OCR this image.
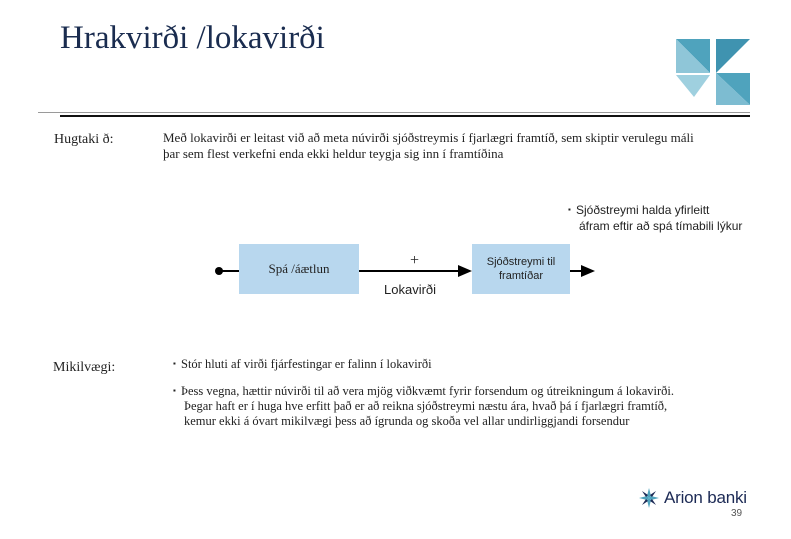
Hrakvirði /lokavirði
Hugtaki ð:	Með lokavirði er leitast við að meta núvirði sjóðstreymis í fjarlægri framtíð, sem skiptir verulegu máli þar sem flest verkefni enda ekki heldur teygja sig inn í framtíðina
▪ Sjóðstreymi halda yfirleitt
áfram eftir að spá tímabili lýkur
Spá /áætlun	+
Lokavirði
Sjóðstreymi til framtíðar
Mikilvægi:	▪ Stór hluti af virði fjárfestingar er falinn í lokavirði
▪ Þess vegna, hættir núvirði til að vera mjög viðkvæmt fyrir forsendum og útreikningum á lokavirði.
Þegar haft er í huga hve erfitt það er að reikna sjóðstreymi næstu ára, hvað þá í fjarlægri framtíð,
kemur ekki á óvart mikilvægi þess að ígrunda og skoða vel allar undirliggjandi forsendur
Arion banki
39
